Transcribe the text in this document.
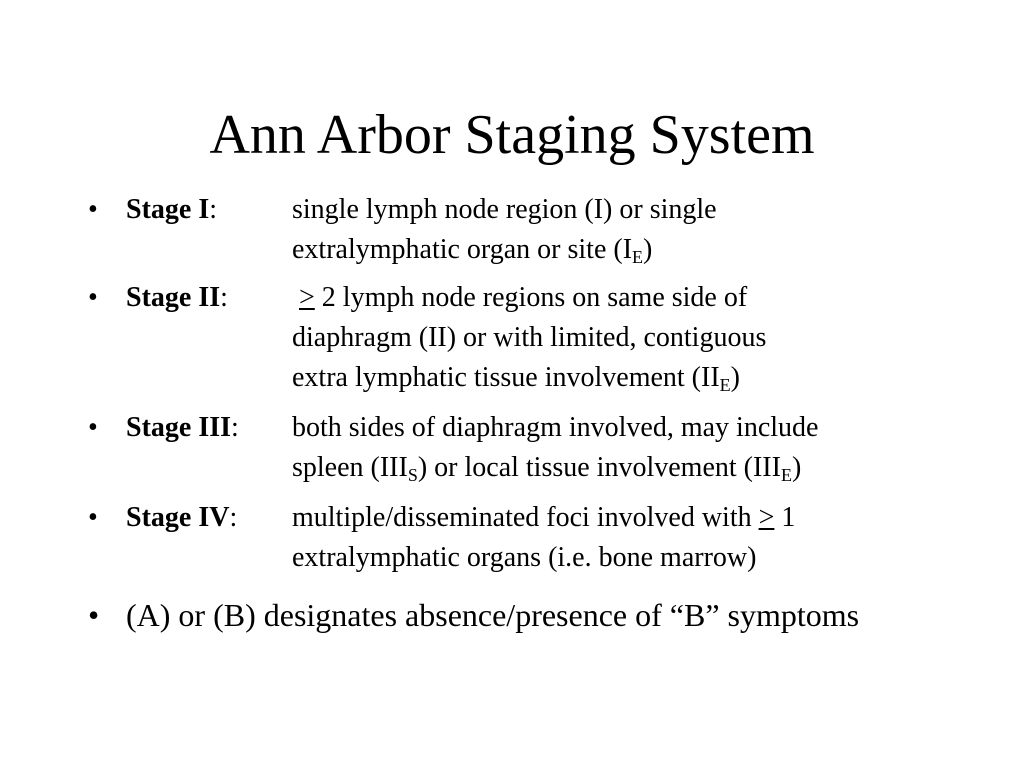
Ann Arbor Staging System
•	Stage I:	single lymph node region (I) or single
extralymphatic organ or site $(I_E)$
•	Stage II:	> 2 lymph node regions on same side of
diaphragm (II) or with limited, contiguous
extra lymphatic tissue involvement $(II_E)$
•	Stage III: both sides of diaphragm involved, may include
spleen $(III_S)$ or local tissue involvement $(III_E)$
•	Stage IV: multiple/disseminated foci involved with ≥ 1
extralymphatic organs (i.e. bone marrow)
• (A) or (B) designates absence/presence of “B” symptoms
